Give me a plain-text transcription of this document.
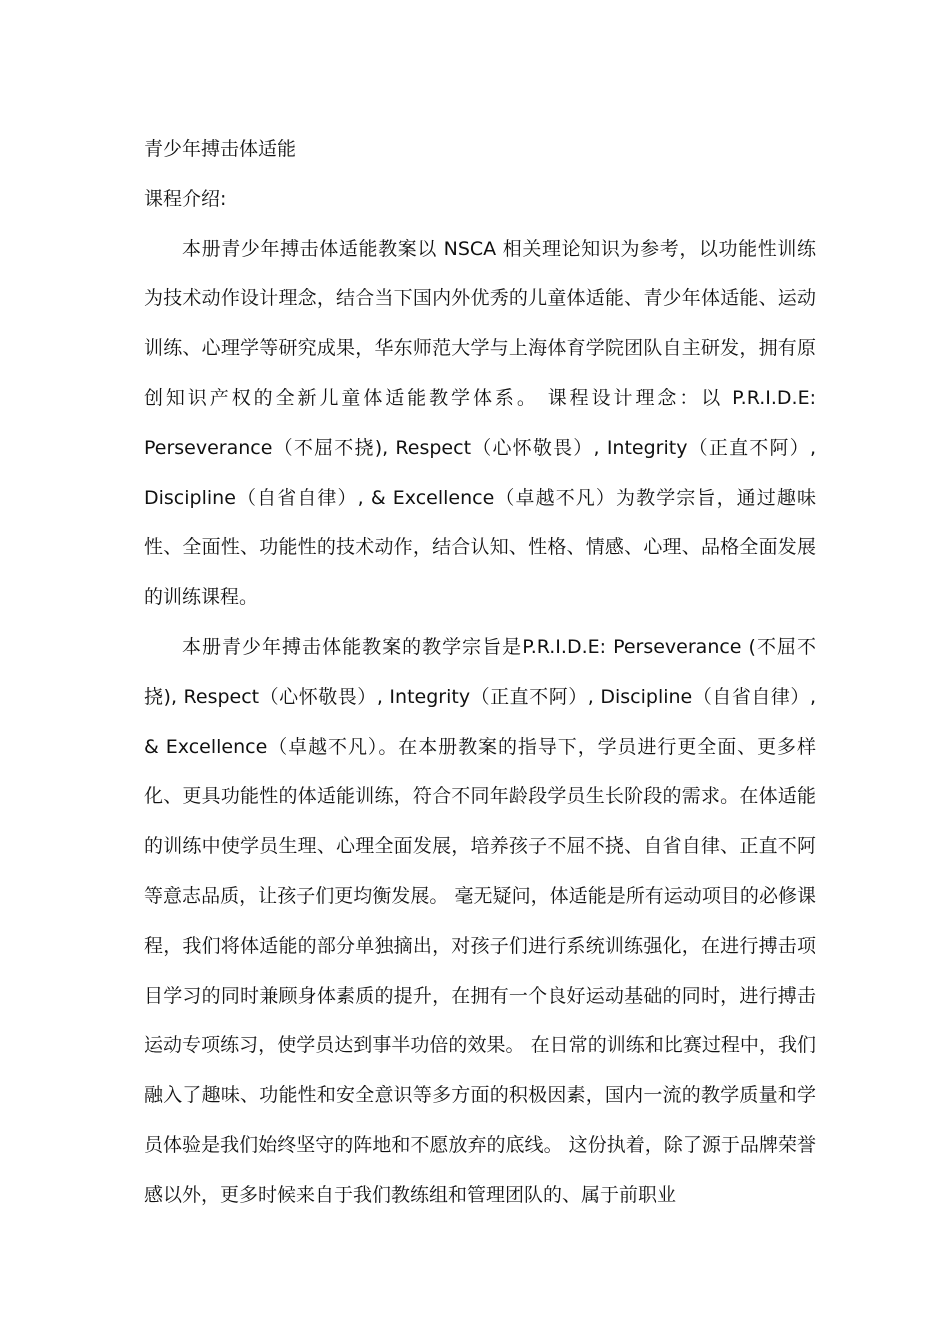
青少年搏击体适能

课程介绍:

本册青少年搏击体适能教案以 NSCA 相关理论知识为参考，以功能性训练为技术动作设计理念，结合当下国内外优秀的儿童体适能、青少年体适能、运动训练、心理学等研究成果，华东师范大学与上海体育学院团队自主研发，拥有原创知识产权的全新儿童体适能教学体系。 课程设计理念：以 P.R.I.D.E: Perseverance（不屈不挠), Respect（心怀敬畏）, Integrity（正直不阿）, Discipline（自省自律）, & Excellence（卓越不凡）为教学宗旨，通过趣味性、全面性、功能性的技术动作，结合认知、性格、情感、心理、品格全面发展的训练课程。

本册青少年搏击体能教案的教学宗旨是P.R.I.D.E: Perseverance (不屈不挠), Respect（心怀敬畏）, Integrity（正直不阿）, Discipline（自省自律）, & Excellence（卓越不凡）。在本册教案的指导下，学员进行更全面、更多样化、更具功能性的体适能训练，符合不同年龄段学员生长阶段的需求。在体适能的训练中使学员生理、心理全面发展，培养孩子不屈不挠、自省自律、正直不阿等意志品质，让孩子们更均衡发展。 毫无疑问，体适能是所有运动项目的必修课程，我们将体适能的部分单独摘出，对孩子们进行系统训练强化，在进行搏击项目学习的同时兼顾身体素质的提升，在拥有一个良好运动基础的同时，进行搏击运动专项练习，使学员达到事半功倍的效果。 在日常的训练和比赛过程中，我们融入了趣味、功能性和安全意识等多方面的积极因素，国内一流的教学质量和学员体验是我们始终坚守的阵地和不愿放弃的底线。 这份执着，除了源于品牌荣誉感以外，更多时候来自于我们教练组和管理团队的、属于前职业
